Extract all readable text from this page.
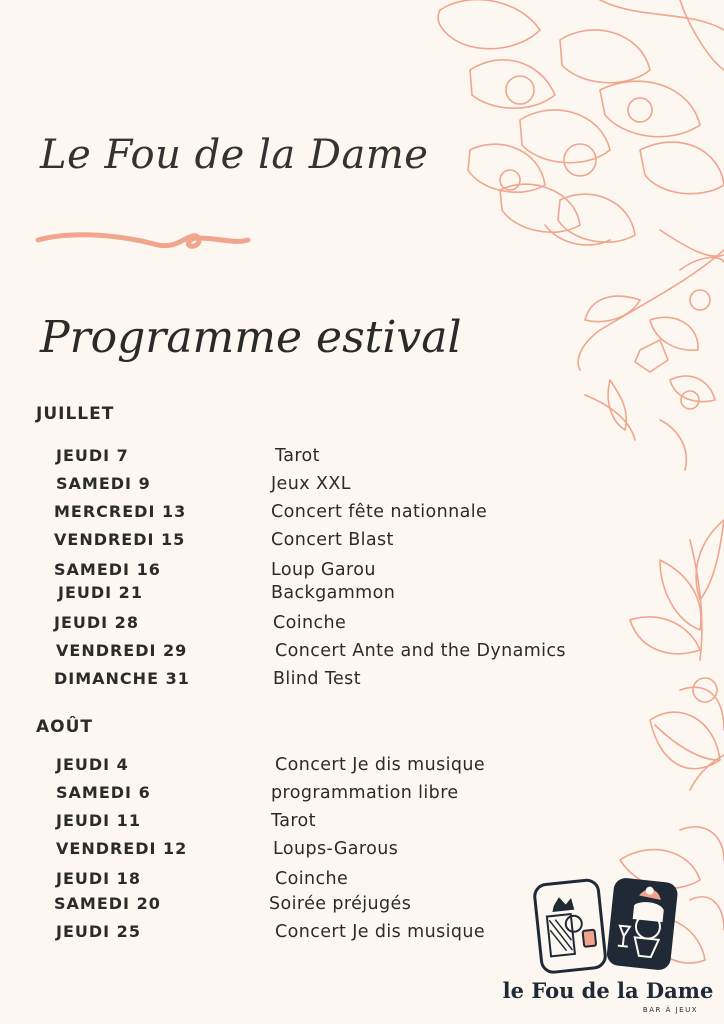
Le Fou de la Dame
Programme estival
JUILLET
JEUDI 7	Tarot
SAMEDI 9	Jeux XXL
MERCREDI 13	Concert fête nationnale
VENDREDI 15	Concert Blast
SAMEDI 16	Loup Garou
JEUDI 21	Backgammon
JEUDI 28	Coinche
VENDREDI 29	Concert Ante and the Dynamics
DIMANCHE 31	Blind Test
AOÛT
JEUDI 4	Concert Je dis musique
SAMEDI 6	programmation libre
JEUDI 11	Tarot
VENDREDI 12	Loups-Garous
JEUDI 18	Coinche
SAMEDI 20	Soirée préjugés
JEUDI 25	Concert Je dis musique
le Fou de la Dame
BAR À JEUX
